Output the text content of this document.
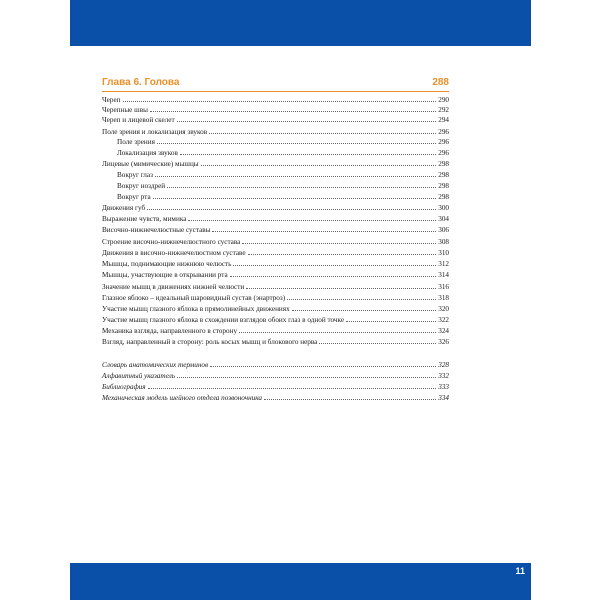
Глава 6. Голова	288
Череп	290
Черепные швы	292
Череп и лицевой скелет	294
Поле зрения и локализация звуков	296
Поле зрения	296
Локализация звуков	296
Лицевые (мимические) мышцы	298
Вокруг глаз	298
Вокруг ноздрей	298
Вокруг рта	298
Движения губ	300
Выражение чувств, мимика	304
Височно-нижнечелюстные суставы	306
Строение височно-нижнечелюстного сустава	308
Движения в височно-нижнечелюстном суставе	310
Мышцы, поднимающие нижнюю челюсть	312
Мышцы, участвующие в открывании рта	314
Значение мышц в движениях нижней челюсти	316
Глазное яблоко – идеальный шаровидный сустав (энартроз)	318
Участие мышц глазного яблока в прямолинейных движениях	320
Участие мышц глазного яблока в схождении взглядов обоих глаз в одной точке	322
Механика взгляда, направленного в сторону	324
Взгляд, направленный в сторону: роль косых мышц и блокового нерва	326
Словарь анатомических терминов	328
Алфавитный указатель	332
Библиография	333
Механическая модель шейного отдела позвоночника	334
11
